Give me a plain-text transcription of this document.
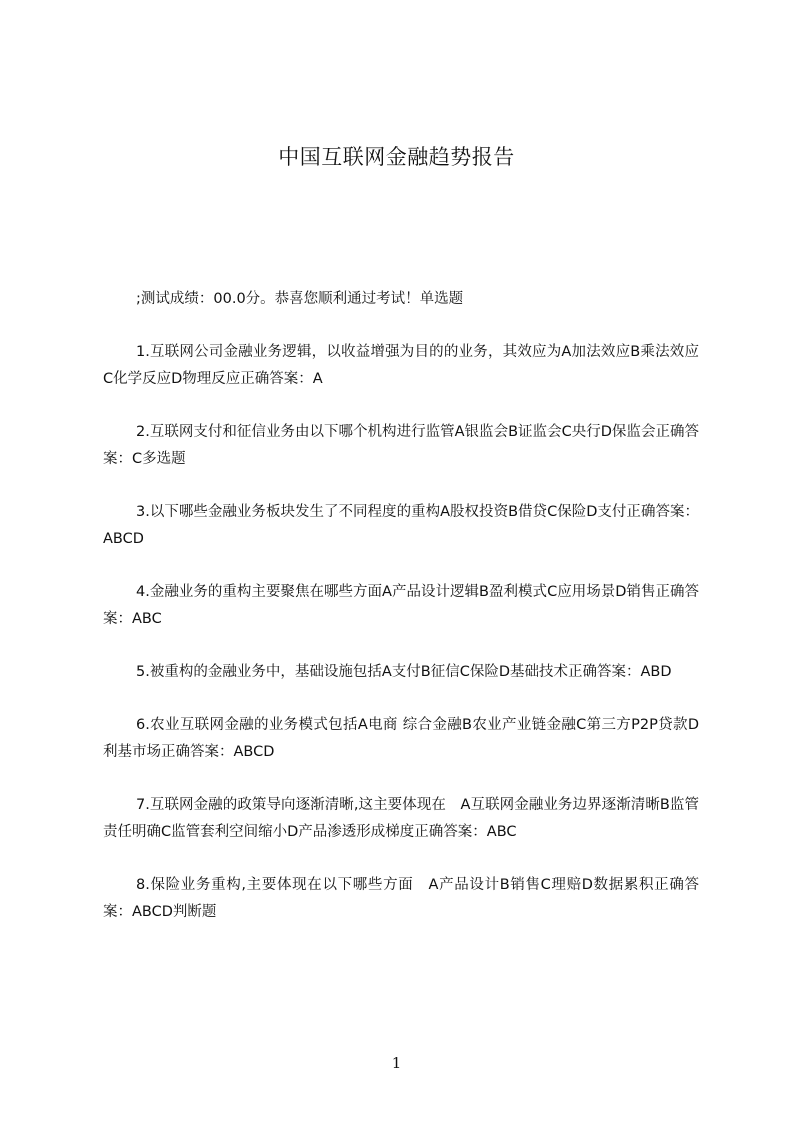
中国互联网金融趋势报告

;测试成绩：00.0分。恭喜您顺利通过考试！单选题

1.互联网公司金融业务逻辑，以收益增强为目的的业务，其效应为A加法效应B乘法效应C化学反应D物理反应正确答案：A

2.互联网支付和征信业务由以下哪个机构进行监管A银监会B证监会C央行D保监会正确答案：C多选题

3.以下哪些金融业务板块发生了不同程度的重构A股权投资B借贷C保险D支付正确答案：ABCD

4.金融业务的重构主要聚焦在哪些方面A产品设计逻辑B盈利模式C应用场景D销售正确答案：ABC

5.被重构的金融业务中，基础设施包括A支付B征信C保险D基础技术正确答案：ABD

6.农业互联网金融的业务模式包括A电商 综合金融B农业产业链金融C第三方P2P贷款D利基市场正确答案：ABCD

7.互联网金融的政策导向逐渐清晰,这主要体现在　A互联网金融业务边界逐渐清晰B监管责任明确C监管套利空间缩小D产品渗透形成梯度正确答案：ABC

8.保险业务重构,主要体现在以下哪些方面　A产品设计B销售C理赔D数据累积正确答案：ABCD判断题

1
